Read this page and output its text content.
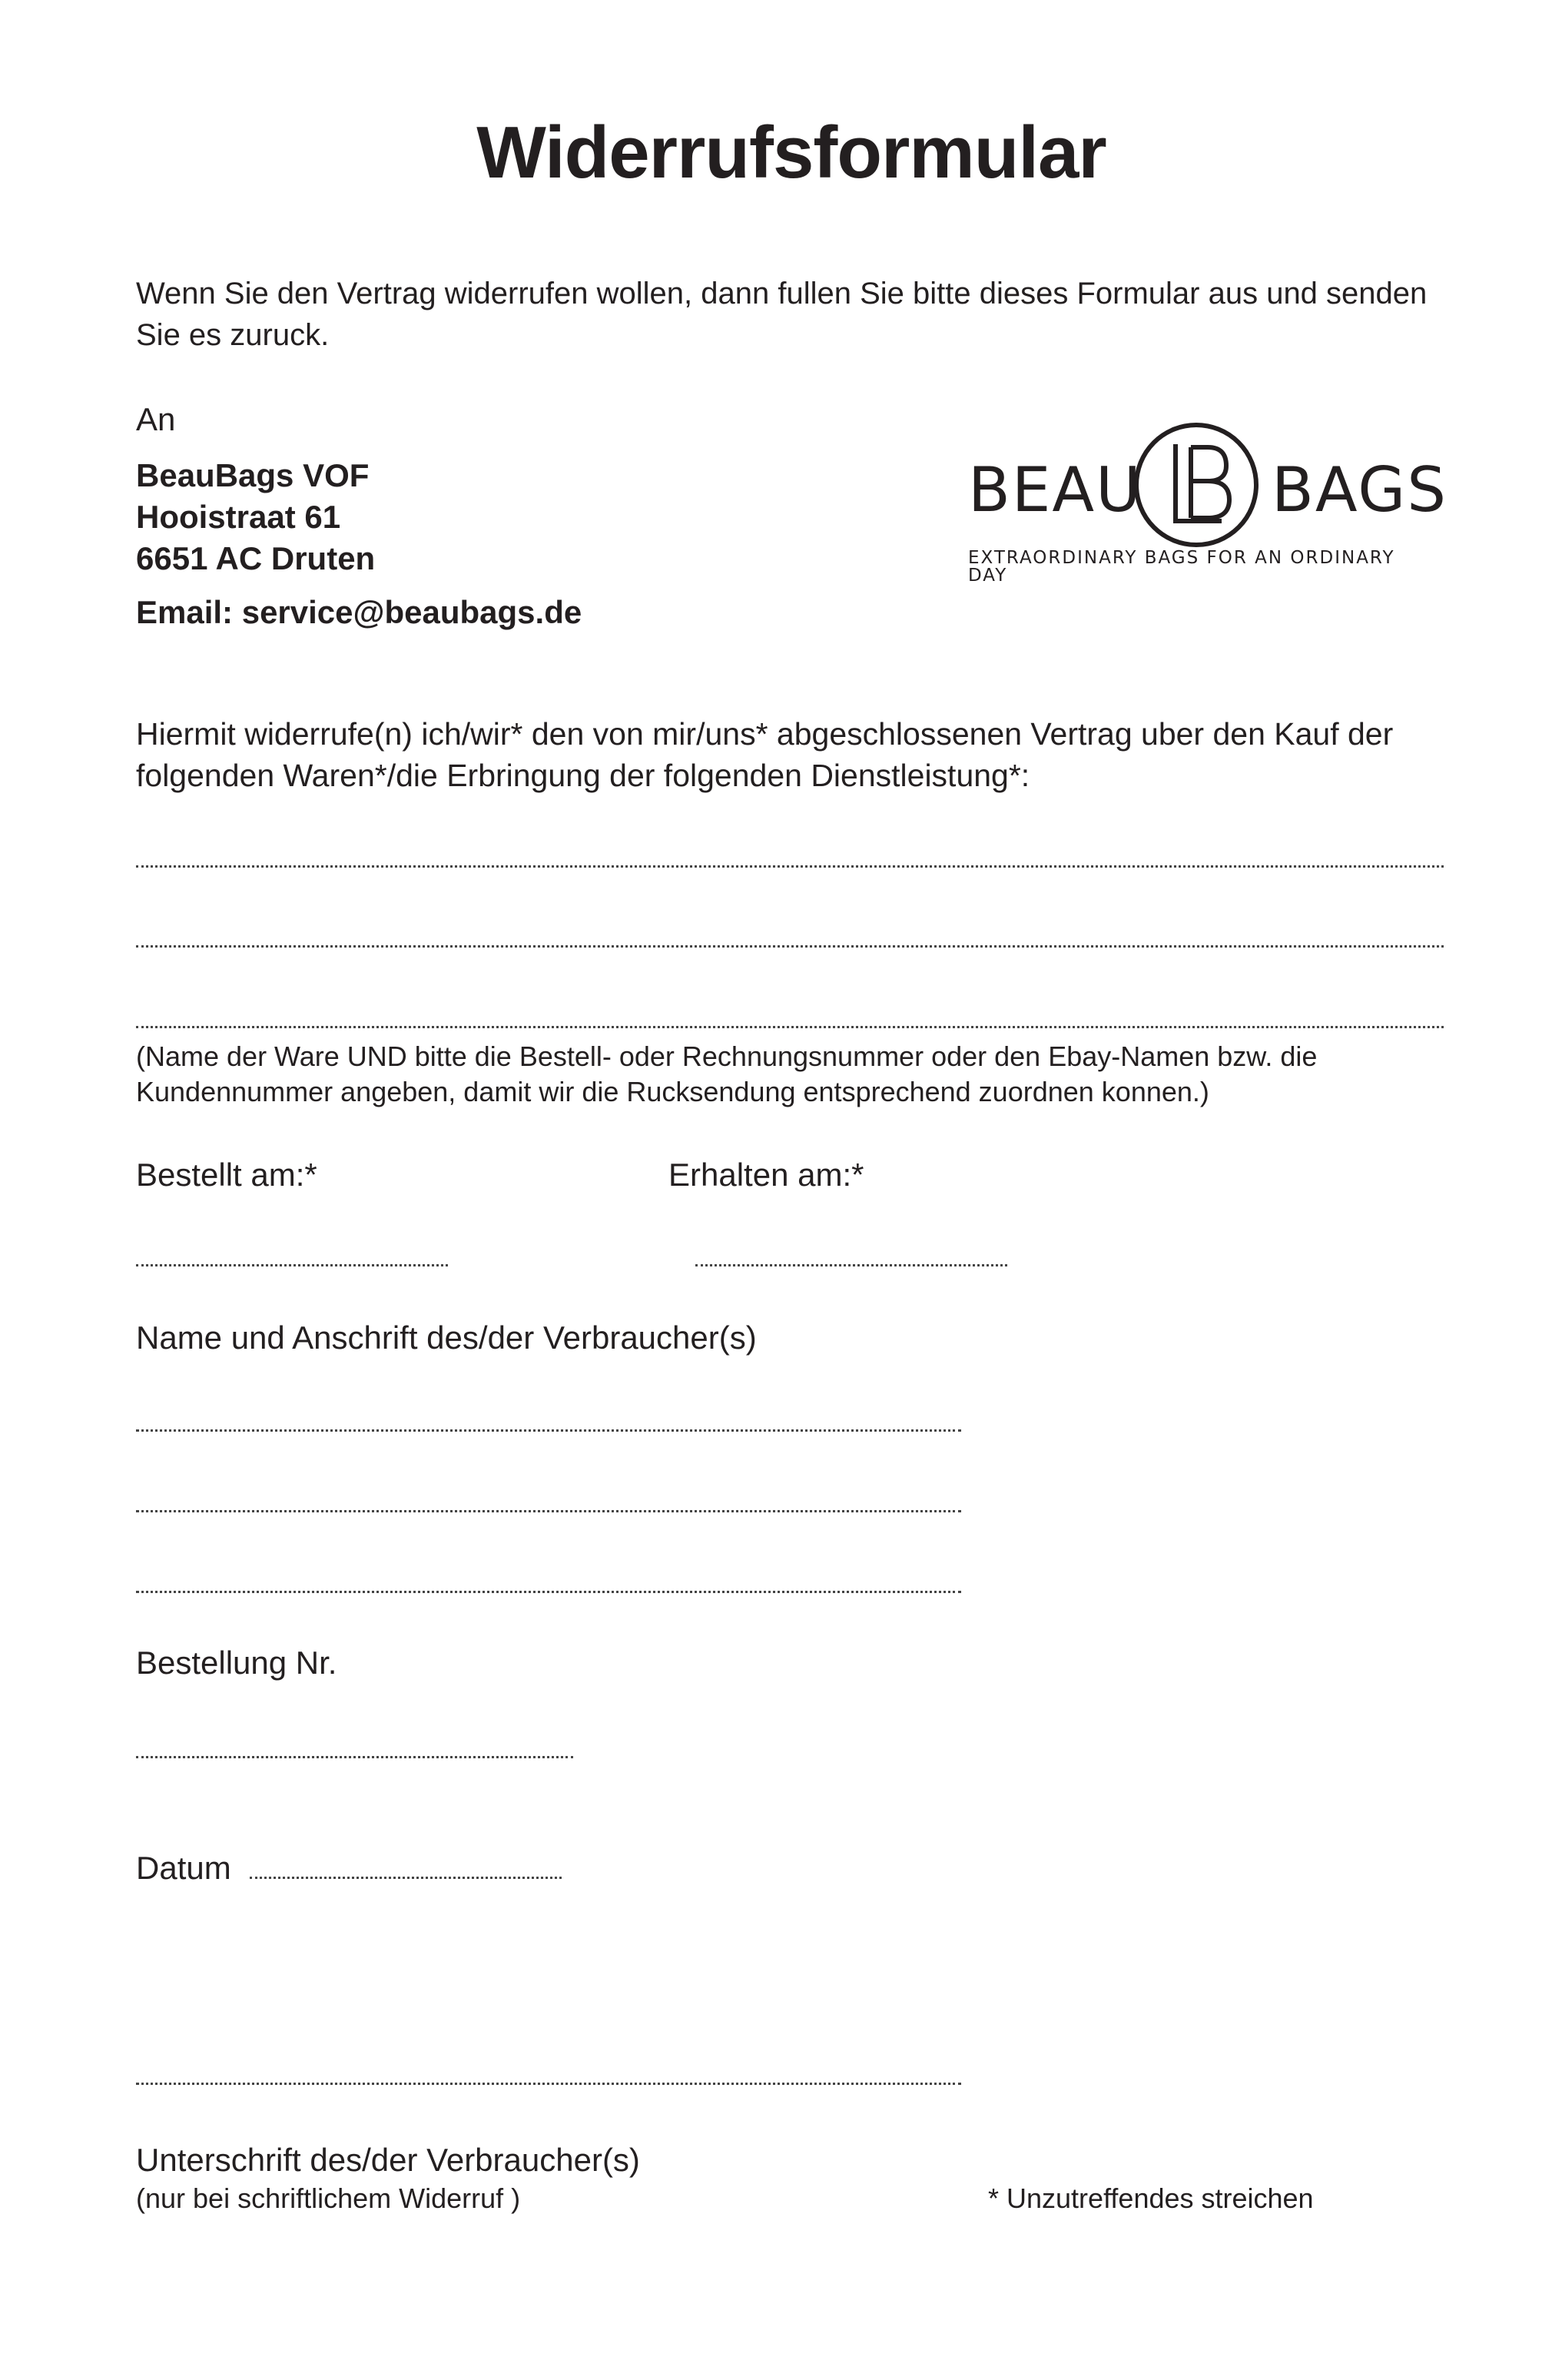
Widerrufsformular
Wenn Sie den Vertrag widerrufen wollen, dann fullen Sie bitte dieses Formular aus und senden Sie es zuruck.
An
BeauBags VOF
Hooistraat 61
6651 AC Druten
Email: service@beaubags.de
BEAU BAGS
EXTRAORDINARY BAGS FOR AN ORDINARY DAY
Hiermit widerrufe(n) ich/wir* den von mir/uns* abgeschlossenen Vertrag uber den Kauf der folgenden Waren*/die Erbringung der folgenden Dienstleistung*:
(Name der Ware UND bitte die Bestell- oder Rechnungsnummer oder den Ebay-Namen bzw. die Kundennummer angeben, damit wir die Rucksendung entsprechend zuordnen konnen.)
Bestellt am:*	Erhalten am:*
Name und Anschrift des/der Verbraucher(s)
Bestellung Nr.
Datum
Unterschrift des/der Verbraucher(s)
(nur bei schriftlichem Widerruf )	* Unzutreffendes streichen
